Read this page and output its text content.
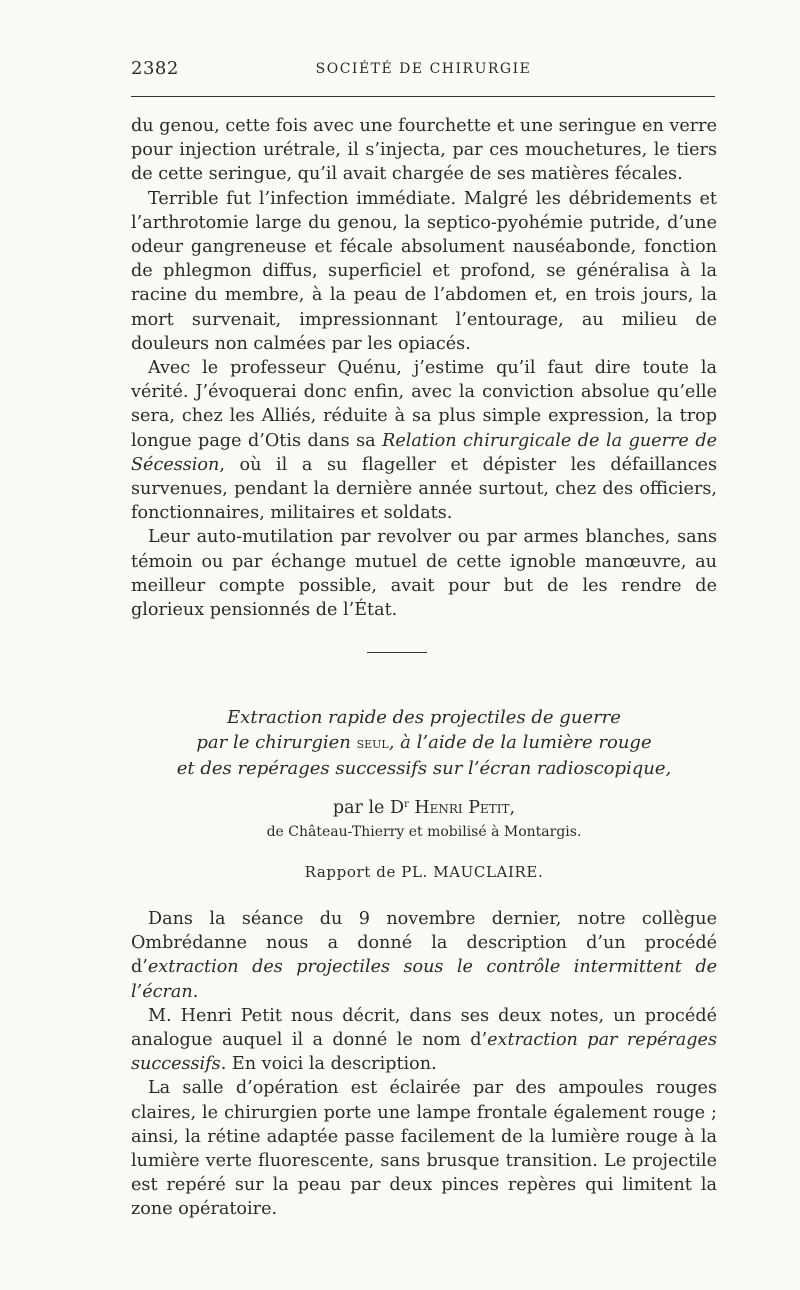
2382	SOCIÉTÉ DE CHIRURGIE

du genou, cette fois avec une fourchette et une seringue en verre pour injection urétrale, il s’injecta, par ces mouchetures, le tiers de cette seringue, qu’il avait chargée de ses matières fécales.

Terrible fut l’infection immédiate. Malgré les débridements et l’arthrotomie large du genou, la septico-pyohémie putride, d’une odeur gangreneuse et fécale absolument nauséabonde, fonction de phlegmon diffus, superficiel et profond, se généralisa à la racine du membre, à la peau de l’abdomen et, en trois jours, la mort survenait, impressionnant l’entourage, au milieu de douleurs non calmées par les opiacés.

Avec le professeur Quénu, j’estime qu’il faut dire toute la vérité. J’évoquerai donc enfin, avec la conviction absolue qu’elle sera, chez les Alliés, réduite à sa plus simple expression, la trop longue page d’Otis dans sa Relation chirurgicale de la guerre de Sécession, où il a su flageller et dépister les défaillances survenues, pendant la dernière année surtout, chez des officiers, fonctionnaires, militaires et soldats.

Leur auto-mutilation par revolver ou par armes blanches, sans témoin ou par échange mutuel de cette ignoble manœuvre, au meilleur compte possible, avait pour but de les rendre de glorieux pensionnés de l’État.

Extraction rapide des projectiles de guerre
par le chirurgien seul, à l’aide de la lumière rouge
et des repérages successifs sur l’écran radioscopique,
par le $D^r$ Henri Petit,
de Château-Thierry et mobilisé à Montargis.
Rapport de PL. MAUCLAIRE.

Dans la séance du 9 novembre dernier, notre collègue Ombrédanne nous a donné la description d’un procédé d’extraction des projectiles sous le contrôle intermittent de l’écran.

M. Henri Petit nous décrit, dans ses deux notes, un procédé analogue auquel il a donné le nom d’extraction par repérages successifs. En voici la description.

La salle d’opération est éclairée par des ampoules rouges claires, le chirurgien porte une lampe frontale également rouge ; ainsi, la rétine adaptée passe facilement de la lumière rouge à la lumière verte fluorescente, sans brusque transition. Le projectile est repéré sur la peau par deux pinces repères qui limitent la zone opératoire.
